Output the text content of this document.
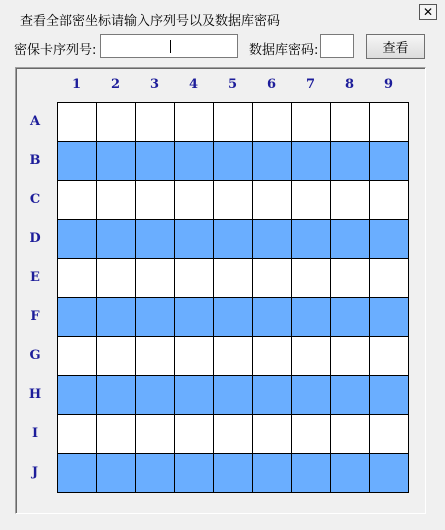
查看全部密坐标请输入序列号以及数据库密码
✕
密保卡序列号:	数据库密码:	查看
1	2	3	4	5	6	7	8	9
A
B
C
D
E
F
G
H
I
J
